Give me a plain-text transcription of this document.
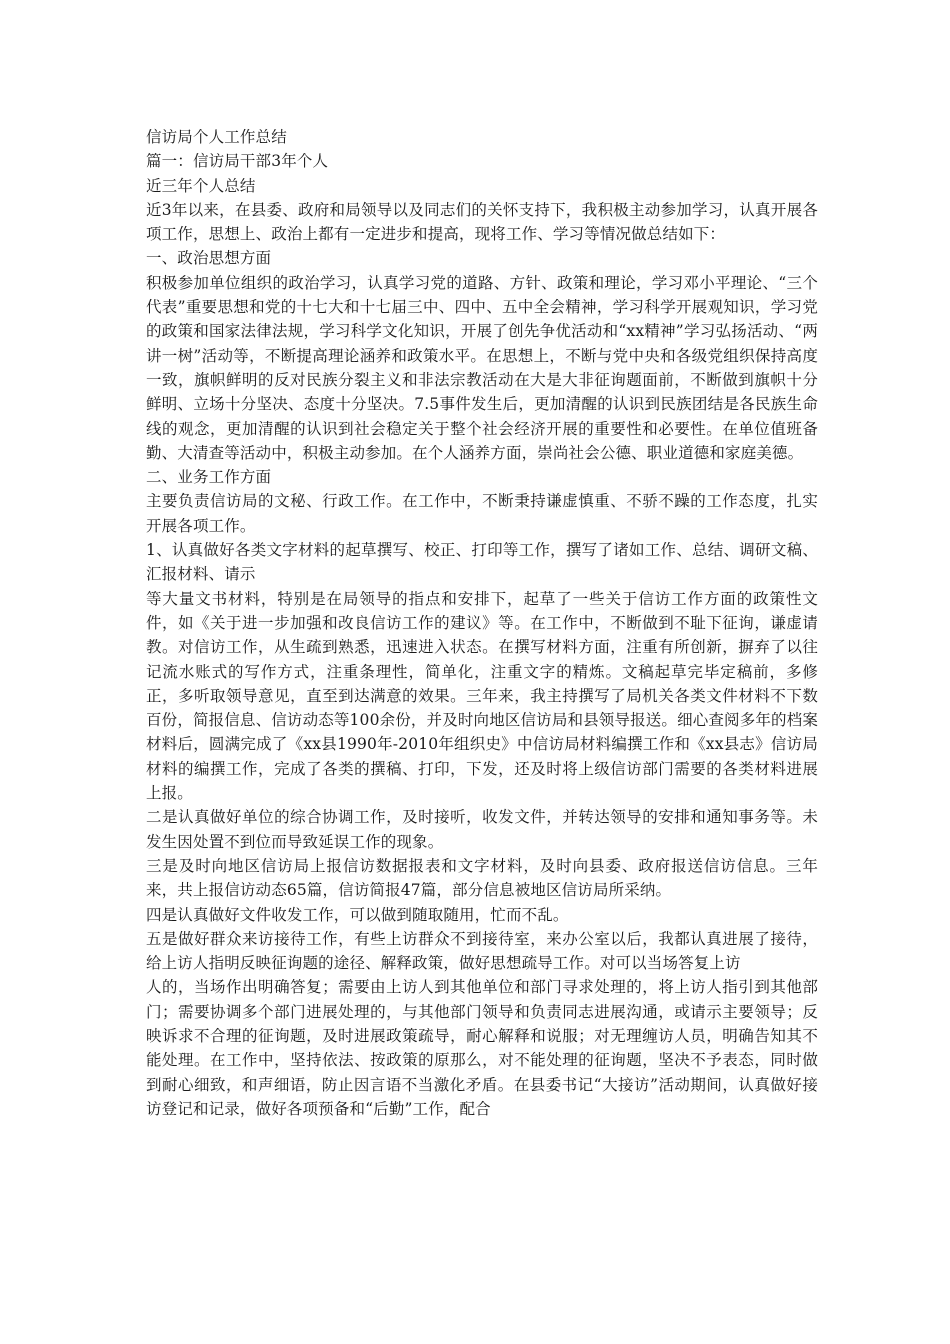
信访局个人工作总结

篇一：信访局干部3年个人

近三年个人总结

近3年以来，在县委、政府和局领导以及同志们的关怀支持下，我积极主动参加学习，认真开展各项工作，思想上、政治上都有一定进步和提高，现将工作、学习等情况做总结如下：

一、政治思想方面

积极参加单位组织的政治学习，认真学习党的道路、方针、政策和理论，学习邓小平理论、“三个代表”重要思想和党的十七大和十七届三中、四中、五中全会精神，学习科学开展观知识，学习党的政策和国家法律法规，学习科学文化知识，开展了创先争优活动和“xx精神”学习弘扬活动、“两讲一树”活动等，不断提高理论涵养和政策水平。在思想上，不断与党中央和各级党组织保持高度一致，旗帜鲜明的反对民族分裂主义和非法宗教活动在大是大非征询题面前，不断做到旗帜十分鲜明、立场十分坚决、态度十分坚决。7.5事件发生后，更加清醒的认识到民族团结是各民族生命线的观念，更加清醒的认识到社会稳定关于整个社会经济开展的重要性和必要性。在单位值班备勤、大清查等活动中，积极主动参加。在个人涵养方面，崇尚社会公德、职业道德和家庭美德。

二、业务工作方面

主要负责信访局的文秘、行政工作。在工作中，不断秉持谦虚慎重、不骄不躁的工作态度，扎实开展各项工作。

1、认真做好各类文字材料的起草撰写、校正、打印等工作，撰写了诸如工作、总结、调研文稿、汇报材料、请示

等大量文书材料，特别是在局领导的指点和安排下，起草了一些关于信访工作方面的政策性文件，如《关于进一步加强和改良信访工作的建议》等。在工作中，不断做到不耻下征询，谦虚请教。对信访工作，从生疏到熟悉，迅速进入状态。在撰写材料方面，注重有所创新，摒弃了以往记流水账式的写作方式，注重条理性，简单化，注重文字的精炼。文稿起草完毕定稿前，多修正，多听取领导意见，直至到达满意的效果。三年来，我主持撰写了局机关各类文件材料不下数百份，简报信息、信访动态等100余份，并及时向地区信访局和县领导报送。细心查阅多年的档案材料后，圆满完成了《xx县1990年-2010年组织史》中信访局材料编撰工作和《xx县志》信访局材料的编撰工作，完成了各类的撰稿、打印，下发，还及时将上级信访部门需要的各类材料进展上报。

二是认真做好单位的综合协调工作，及时接听，收发文件，并转达领导的安排和通知事务等。未发生因处置不到位而导致延误工作的现象。

三是及时向地区信访局上报信访数据报表和文字材料，及时向县委、政府报送信访信息。三年来，共上报信访动态65篇，信访简报47篇，部分信息被地区信访局所采纳。

四是认真做好文件收发工作，可以做到随取随用，忙而不乱。

五是做好群众来访接待工作，有些上访群众不到接待室，来办公室以后，我都认真进展了接待，给上访人指明反映征询题的途径、解释政策，做好思想疏导工作。对可以当场答复上访

人的，当场作出明确答复；需要由上访人到其他单位和部门寻求处理的，将上访人指引到其他部门；需要协调多个部门进展处理的，与其他部门领导和负责同志进展沟通，或请示主要领导；反映诉求不合理的征询题，及时进展政策疏导，耐心解释和说服；对无理缠访人员，明确告知其不能处理。在工作中，坚持依法、按政策的原那么，对不能处理的征询题，坚决不予表态，同时做到耐心细致，和声细语，防止因言语不当激化矛盾。在县委书记“大接访”活动期间，认真做好接访登记和记录，做好各项预备和“后勤”工作，配合
